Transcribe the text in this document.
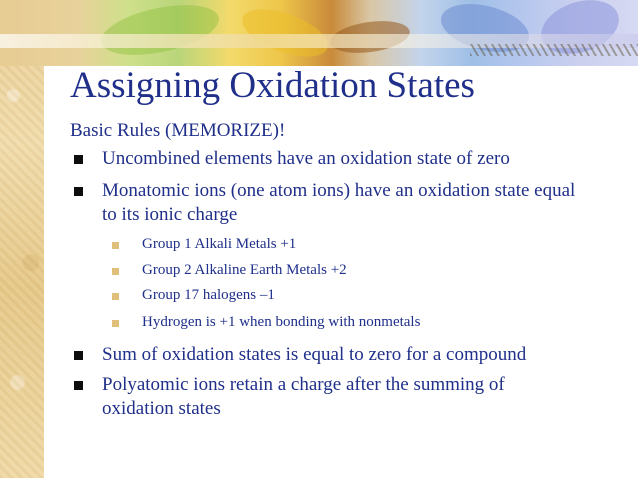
Assigning Oxidation States
Basic Rules (MEMORIZE)!
Uncombined elements have an oxidation state of zero
Monatomic ions (one atom ions) have an oxidation state equal to its ionic charge
Group 1 Alkali Metals +1
Group 2 Alkaline Earth Metals +2
Group 17 halogens –1
Hydrogen is +1 when bonding with nonmetals
Sum of oxidation states is equal to zero for a compound
Polyatomic ions retain a charge after the summing of oxidation states
